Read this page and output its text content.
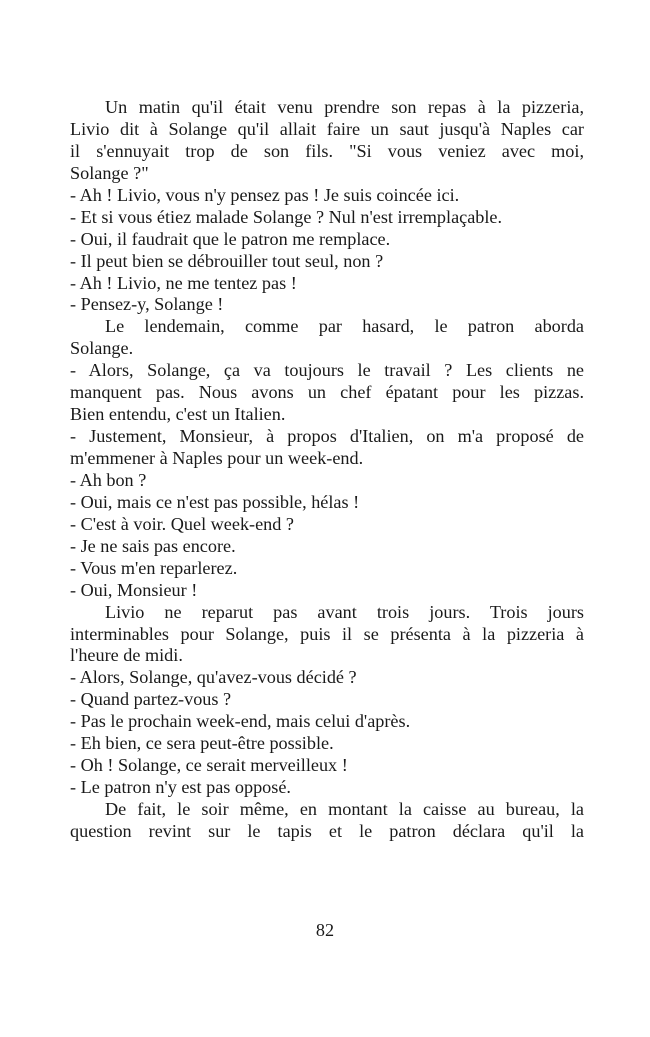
Un matin qu'il était venu prendre son repas à la pizzeria,
Livio dit à Solange qu'il allait faire un saut jusqu'à Naples car
il s'ennuyait trop de son fils. "Si vous veniez avec moi,
Solange ?"
- Ah ! Livio, vous n'y pensez pas ! Je suis coincée ici.
- Et si vous étiez malade Solange ? Nul n'est irremplaçable.
- Oui, il faudrait que le patron me remplace.
- Il peut bien se débrouiller tout seul, non ?
- Ah ! Livio, ne me tentez pas !
- Pensez-y, Solange !
Le lendemain, comme par hasard, le patron aborda
Solange.
- Alors, Solange, ça va toujours le travail ? Les clients ne
manquent pas. Nous avons un chef épatant pour les pizzas.
Bien entendu, c'est un Italien.
- Justement, Monsieur, à propos d'Italien, on m'a proposé de
m'emmener à Naples pour un week-end.
- Ah bon ?
- Oui, mais ce n'est pas possible, hélas !
- C'est à voir. Quel week-end ?
- Je ne sais pas encore.
- Vous m'en reparlerez.
- Oui, Monsieur !
Livio ne reparut pas avant trois jours. Trois jours
interminables pour Solange, puis il se présenta à la pizzeria à
l'heure de midi.
- Alors, Solange, qu'avez-vous décidé ?
- Quand partez-vous ?
- Pas le prochain week-end, mais celui d'après.
- Eh bien, ce sera peut-être possible.
- Oh ! Solange, ce serait merveilleux !
- Le patron n'y est pas opposé.
De fait, le soir même, en montant la caisse au bureau, la
question revint sur le tapis et le patron déclara qu'il la
82
